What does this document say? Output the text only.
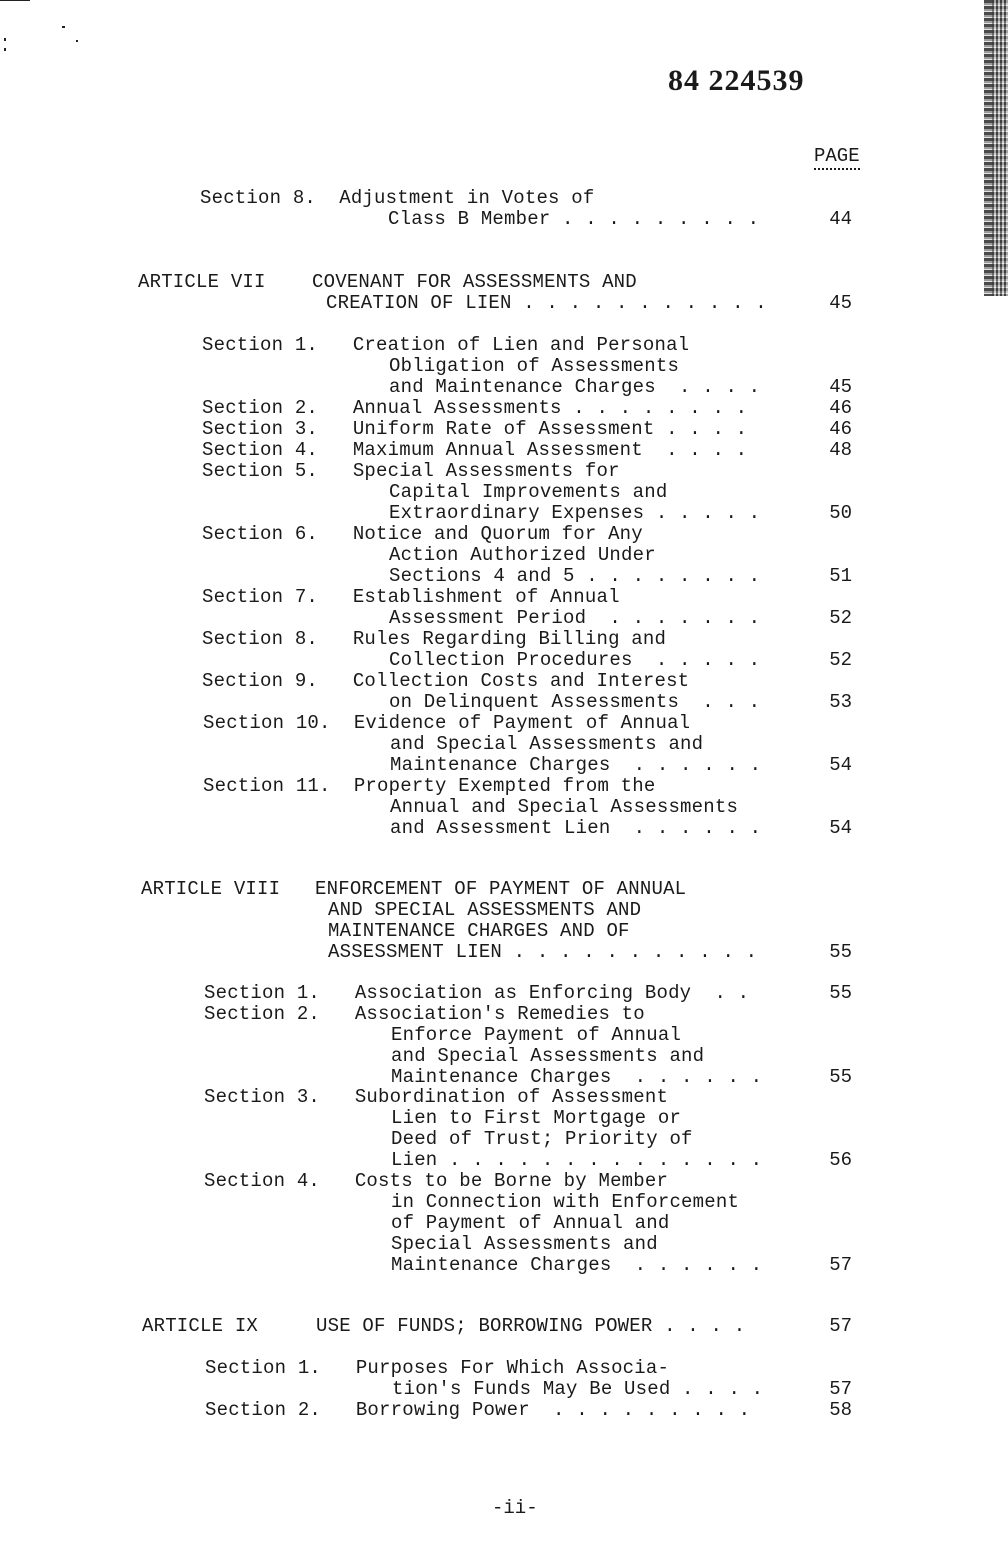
84 224539
PAGE
Section 8.  Adjustment in Votes of
Class B Member . . . . . . . . .	44
ARTICLE VII    COVENANT FOR ASSESSMENTS AND
CREATION OF LIEN . . . . . . . . . . .	45
Section 1.   Creation of Lien and Personal
Obligation of Assessments
and Maintenance Charges  . . . .	45
Section 2.   Annual Assessments . . . . . . . .	46
Section 3.   Uniform Rate of Assessment . . . .	46
Section 4.   Maximum Annual Assessment  . . . .	48
Section 5.   Special Assessments for
Capital Improvements and
Extraordinary Expenses . . . . .	50
Section 6.   Notice and Quorum for Any
Action Authorized Under
Sections 4 and 5 . . . . . . . .	51
Section 7.   Establishment of Annual
Assessment Period  . . . . . . .	52
Section 8.   Rules Regarding Billing and
Collection Procedures  . . . . .	52
Section 9.   Collection Costs and Interest
on Delinquent Assessments  . . .	53
Section 10.  Evidence of Payment of Annual
and Special Assessments and
Maintenance Charges  . . . . . .	54
Section 11.  Property Exempted from the
Annual and Special Assessments
and Assessment Lien  . . . . . .	54
ARTICLE VIII   ENFORCEMENT OF PAYMENT OF ANNUAL
AND SPECIAL ASSESSMENTS AND
MAINTENANCE CHARGES AND OF
ASSESSMENT LIEN . . . . . . . . . . .	55
Section 1.   Association as Enforcing Body  . .	55
Section 2.   Association's Remedies to
Enforce Payment of Annual
and Special Assessments and
Maintenance Charges  . . . . . .	55
Section 3.   Subordination of Assessment
Lien to First Mortgage or
Deed of Trust; Priority of
Lien . . . . . . . . . . . . . .	56
Section 4.   Costs to be Borne by Member
in Connection with Enforcement
of Payment of Annual and
Special Assessments and
Maintenance Charges  . . . . . .	57
ARTICLE IX     USE OF FUNDS; BORROWING POWER . . . .	57
Section 1.   Purposes For Which Associa-
tion's Funds May Be Used . . . .	57
Section 2.   Borrowing Power  . . . . . . . . .	58
-ii-
